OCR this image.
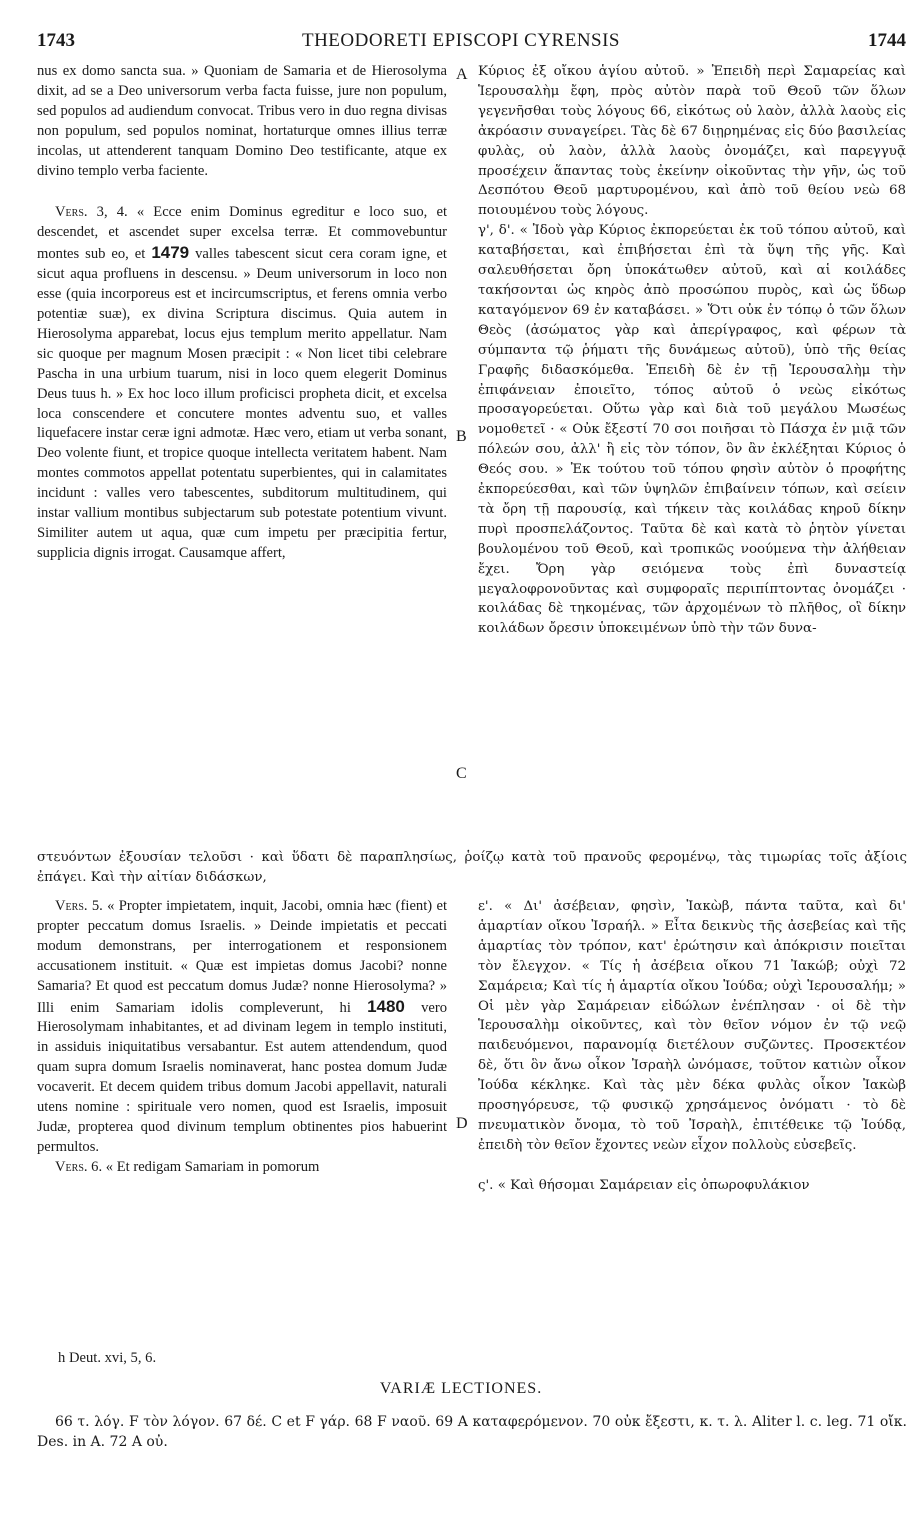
1743	THEODORETI EPISCOPI CYRENSIS	1744

nus ex domo sancta sua. » Quoniam de Samaria et de Hierosolyma dixit, ad se a Deo universorum verba facta fuisse, jure non populum, sed populos ad audiendum convocat. Tribus vero in duo regna divisas non populum, sed populos nominat, hortaturque omnes illius terræ incolas, ut attenderent tanquam Domino Deo testificante, atque ex divino templo verba faciente.

Vers. 3, 4. « Ecce enim Dominus egreditur e loco suo, et descendet, et ascendet super excelsa terræ. Et commovebuntur montes sub eo, et 1479 valles tabescent sicut cera coram igne, et sicut aqua profluens in descensu. » Deum universorum in loco non esse (quia incorporeus est et incircumscriptus, et ferens omnia verbo potentiæ suæ), ex divina Scriptura discimus. Quia autem in Hierosolyma apparebat, locus ejus templum merito appellatur. Nam sic quoque per magnum Mosen præcipit : « Non licet tibi celebrare Pascha in una urbium tuarum, nisi in loco quem elegerit Dominus Deus tuus h. » Ex hoc loco illum proficisci propheta dicit, et excelsa loca conscendere et concutere montes adventu suo, et valles liquefacere instar ceræ igni admotæ. Hæc vero, etiam ut verba sonant, Deo volente fiunt, et tropice quoque intellecta veritatem habent. Nam montes commotos appellat potentatu superbientes, qui in calamitates incidunt : valles vero tabescentes, subditorum multitudinem, qui instar vallium montibus subjectarum sub potestate potentium vivunt. Similiter autem ut aqua, quæ cum impetu per præcipitia fertur, supplicia dignis irrogat. Causamque affert,

Κύριος ἐξ οἴκου ἁγίου αὐτοῦ. » Ἐπειδὴ περὶ Σαμαρείας καὶ Ἱερουσαλὴμ ἔφη, πρὸς αὐτὸν παρὰ τοῦ Θεοῦ τῶν ὅλων γεγενῆσθαι τοὺς λόγους 66, εἰκότως οὐ λαὸν, ἀλλὰ λαοὺς εἰς ἀκρόασιν συναγείρει. Τὰς δὲ 67 διῃρημένας εἰς δύο βασιλείας φυλὰς, οὐ λαὸν, ἀλλὰ λαοὺς ὀνομάζει, καὶ παρεγγυᾷ προσέχειν ἅπαντας τοὺς ἐκείνην οἰκοῦντας τὴν γῆν, ὡς τοῦ Δεσπότου Θεοῦ μαρτυρομένου, καὶ ἀπὸ τοῦ θείου νεὼ 68 ποιουμένου τοὺς λόγους.

γ', δ'. « Ἰδοὺ γὰρ Κύριος ἐκπορεύεται ἐκ τοῦ τόπου αὐτοῦ, καὶ καταβήσεται, καὶ ἐπιβήσεται ἐπὶ τὰ ὕψη τῆς γῆς. Καὶ σαλευθήσεται ὄρη ὑποκάτωθεν αὐτοῦ, καὶ αἱ κοιλάδες τακήσονται ὡς κηρὸς ἀπὸ προσώπου πυρὸς, καὶ ὡς ὕδωρ καταγόμενον 69 ἐν καταβάσει. » Ὅτι οὐκ ἐν τόπῳ ὁ τῶν ὅλων Θεὸς (ἀσώματος γὰρ καὶ ἀπερίγραφος, καὶ φέρων τὰ σύμπαντα τῷ ῥήματι τῆς δυνάμεως αὐτοῦ), ὑπὸ τῆς θείας Γραφῆς διδασκόμεθα. Ἐπειδὴ δὲ ἐν τῇ Ἱερουσαλὴμ τὴν ἐπιφάνειαν ἐποιεῖτο, τόπος αὐτοῦ ὁ νεὼς εἰκότως προσαγορεύεται. Οὕτω γὰρ καὶ διὰ τοῦ μεγάλου Μωσέως νομοθετεῖ · « Οὐκ ἔξεστί 70 σοι ποιῆσαι τὸ Πάσχα ἐν μιᾷ τῶν πόλεών σου, ἀλλ' ἢ εἰς τὸν τόπον, ὃν ἂν ἐκλέξηται Κύριος ὁ Θεός σου. » Ἐκ τούτου τοῦ τόπου φησὶν αὐτὸν ὁ προφήτης ἐκπορεύεσθαι, καὶ τῶν ὑψηλῶν ἐπιβαίνειν τόπων, καὶ σείειν τὰ ὄρη τῇ παρουσίᾳ, καὶ τήκειν τὰς κοιλάδας κηροῦ δίκην πυρὶ προσπελάζοντος. Ταῦτα δὲ καὶ κατὰ τὸ ῥητὸν γίνεται βουλομένου τοῦ Θεοῦ, καὶ τροπικῶς νοούμενα τὴν ἀλήθειαν ἔχει. Ὄρη γὰρ σειόμενα τοὺς ἐπὶ δυναστείᾳ μεγαλοφρονοῦντας καὶ συμφοραῖς περιπίπτοντας ὀνομάζει · κοιλάδας δὲ τηκομένας, τῶν ἀρχομένων τὸ πλῆθος, οἳ δίκην κοιλάδων ὄρεσιν ὑποκειμένων ὑπὸ τὴν τῶν δυνα-

A
B
C
D
στευόντων ἐξουσίαν τελοῦσι · καὶ ὕδατι δὲ παραπλησίως, ῥοίζῳ κατὰ τοῦ πρανοῦς φερομένῳ, τὰς τιμωρίας τοῖς ἀξίοις ἐπάγει. Καὶ τὴν αἰτίαν διδάσκων,

Vers. 5. « Propter impietatem, inquit, Jacobi, omnia hæc (fient) et propter peccatum domus Israelis. » Deinde impietatis et peccati modum demonstrans, per interrogationem et responsionem accusationem instituit. « Quæ est impietas domus Jacobi? nonne Samaria? Et quod est peccatum domus Judæ? nonne Hierosolyma? » Illi enim Samariam idolis compleverunt, hi 1480 vero Hierosolymam inhabitantes, et ad divinam legem in templo instituti, in assiduis iniquitatibus versabantur. Est autem attendendum, quod quam supra domum Israelis nominaverat, hanc postea domum Judæ vocaverit. Et decem quidem tribus domum Jacobi appellavit, naturali utens nomine : spirituale vero nomen, quod est Israelis, imposuit Judæ, propterea quod divinum templum obtinentes pios habuerint permultos.

Vers. 6. « Et redigam Samariam in pomorum

ε'. « Δι' ἀσέβειαν, φησὶν, Ἰακὼβ, πάντα ταῦτα, καὶ δι' ἁμαρτίαν οἴκου Ἰσραήλ. » Εἶτα δεικνὺς τῆς ἀσεβείας καὶ τῆς ἁμαρτίας τὸν τρόπον, κατ' ἐρώτησιν καὶ ἀπόκρισιν ποιεῖται τὸν ἔλεγχον. « Τίς ἡ ἀσέβεια οἴκου 71 Ἰακώβ; οὐχὶ 72 Σαμάρεια; Καὶ τίς ἡ ἁμαρτία οἴκου Ἰούδα; οὐχὶ Ἱερουσαλήμ; » Οἱ μὲν γὰρ Σαμάρειαν εἰδώλων ἐνέπλησαν · οἱ δὲ τὴν Ἱερουσαλὴμ οἰκοῦντες, καὶ τὸν θεῖον νόμον ἐν τῷ νεῷ παιδευόμενοι, παρανομίᾳ διετέλουν συζῶντες. Προσεκτέον δὲ, ὅτι ὃν ἄνω οἶκον Ἰσραὴλ ὠνόμασε, τοῦτον κατιὼν οἶκον Ἰούδα κέκληκε. Καὶ τὰς μὲν δέκα φυλὰς οἶκον Ἰακὼβ προσηγόρευσε, τῷ φυσικῷ χρησάμενος ὀνόματι · τὸ δὲ πνευματικὸν ὄνομα, τὸ τοῦ Ἰσραὴλ, ἐπιτέθεικε τῷ Ἰούδᾳ, ἐπειδὴ τὸν θεῖον ἔχοντες νεὼν εἶχον πολλοὺς εὐσεβεῖς.

ς'. « Καὶ θήσομαι Σαμάρειαν εἰς ὀπωροφυλάκιον

h Deut. xvi, 5, 6.
VARIÆ LECTIONES.

66 τ. λόγ. F τὸν λόγον. 67 δέ. C et F γάρ. 68 F ναοῦ. 69 A καταφερόμενον. 70 οὐκ ἔξεστι, κ. τ. λ. Aliter l. c. leg. 71 οἴκ. Des. in A. 72 A οὐ.
